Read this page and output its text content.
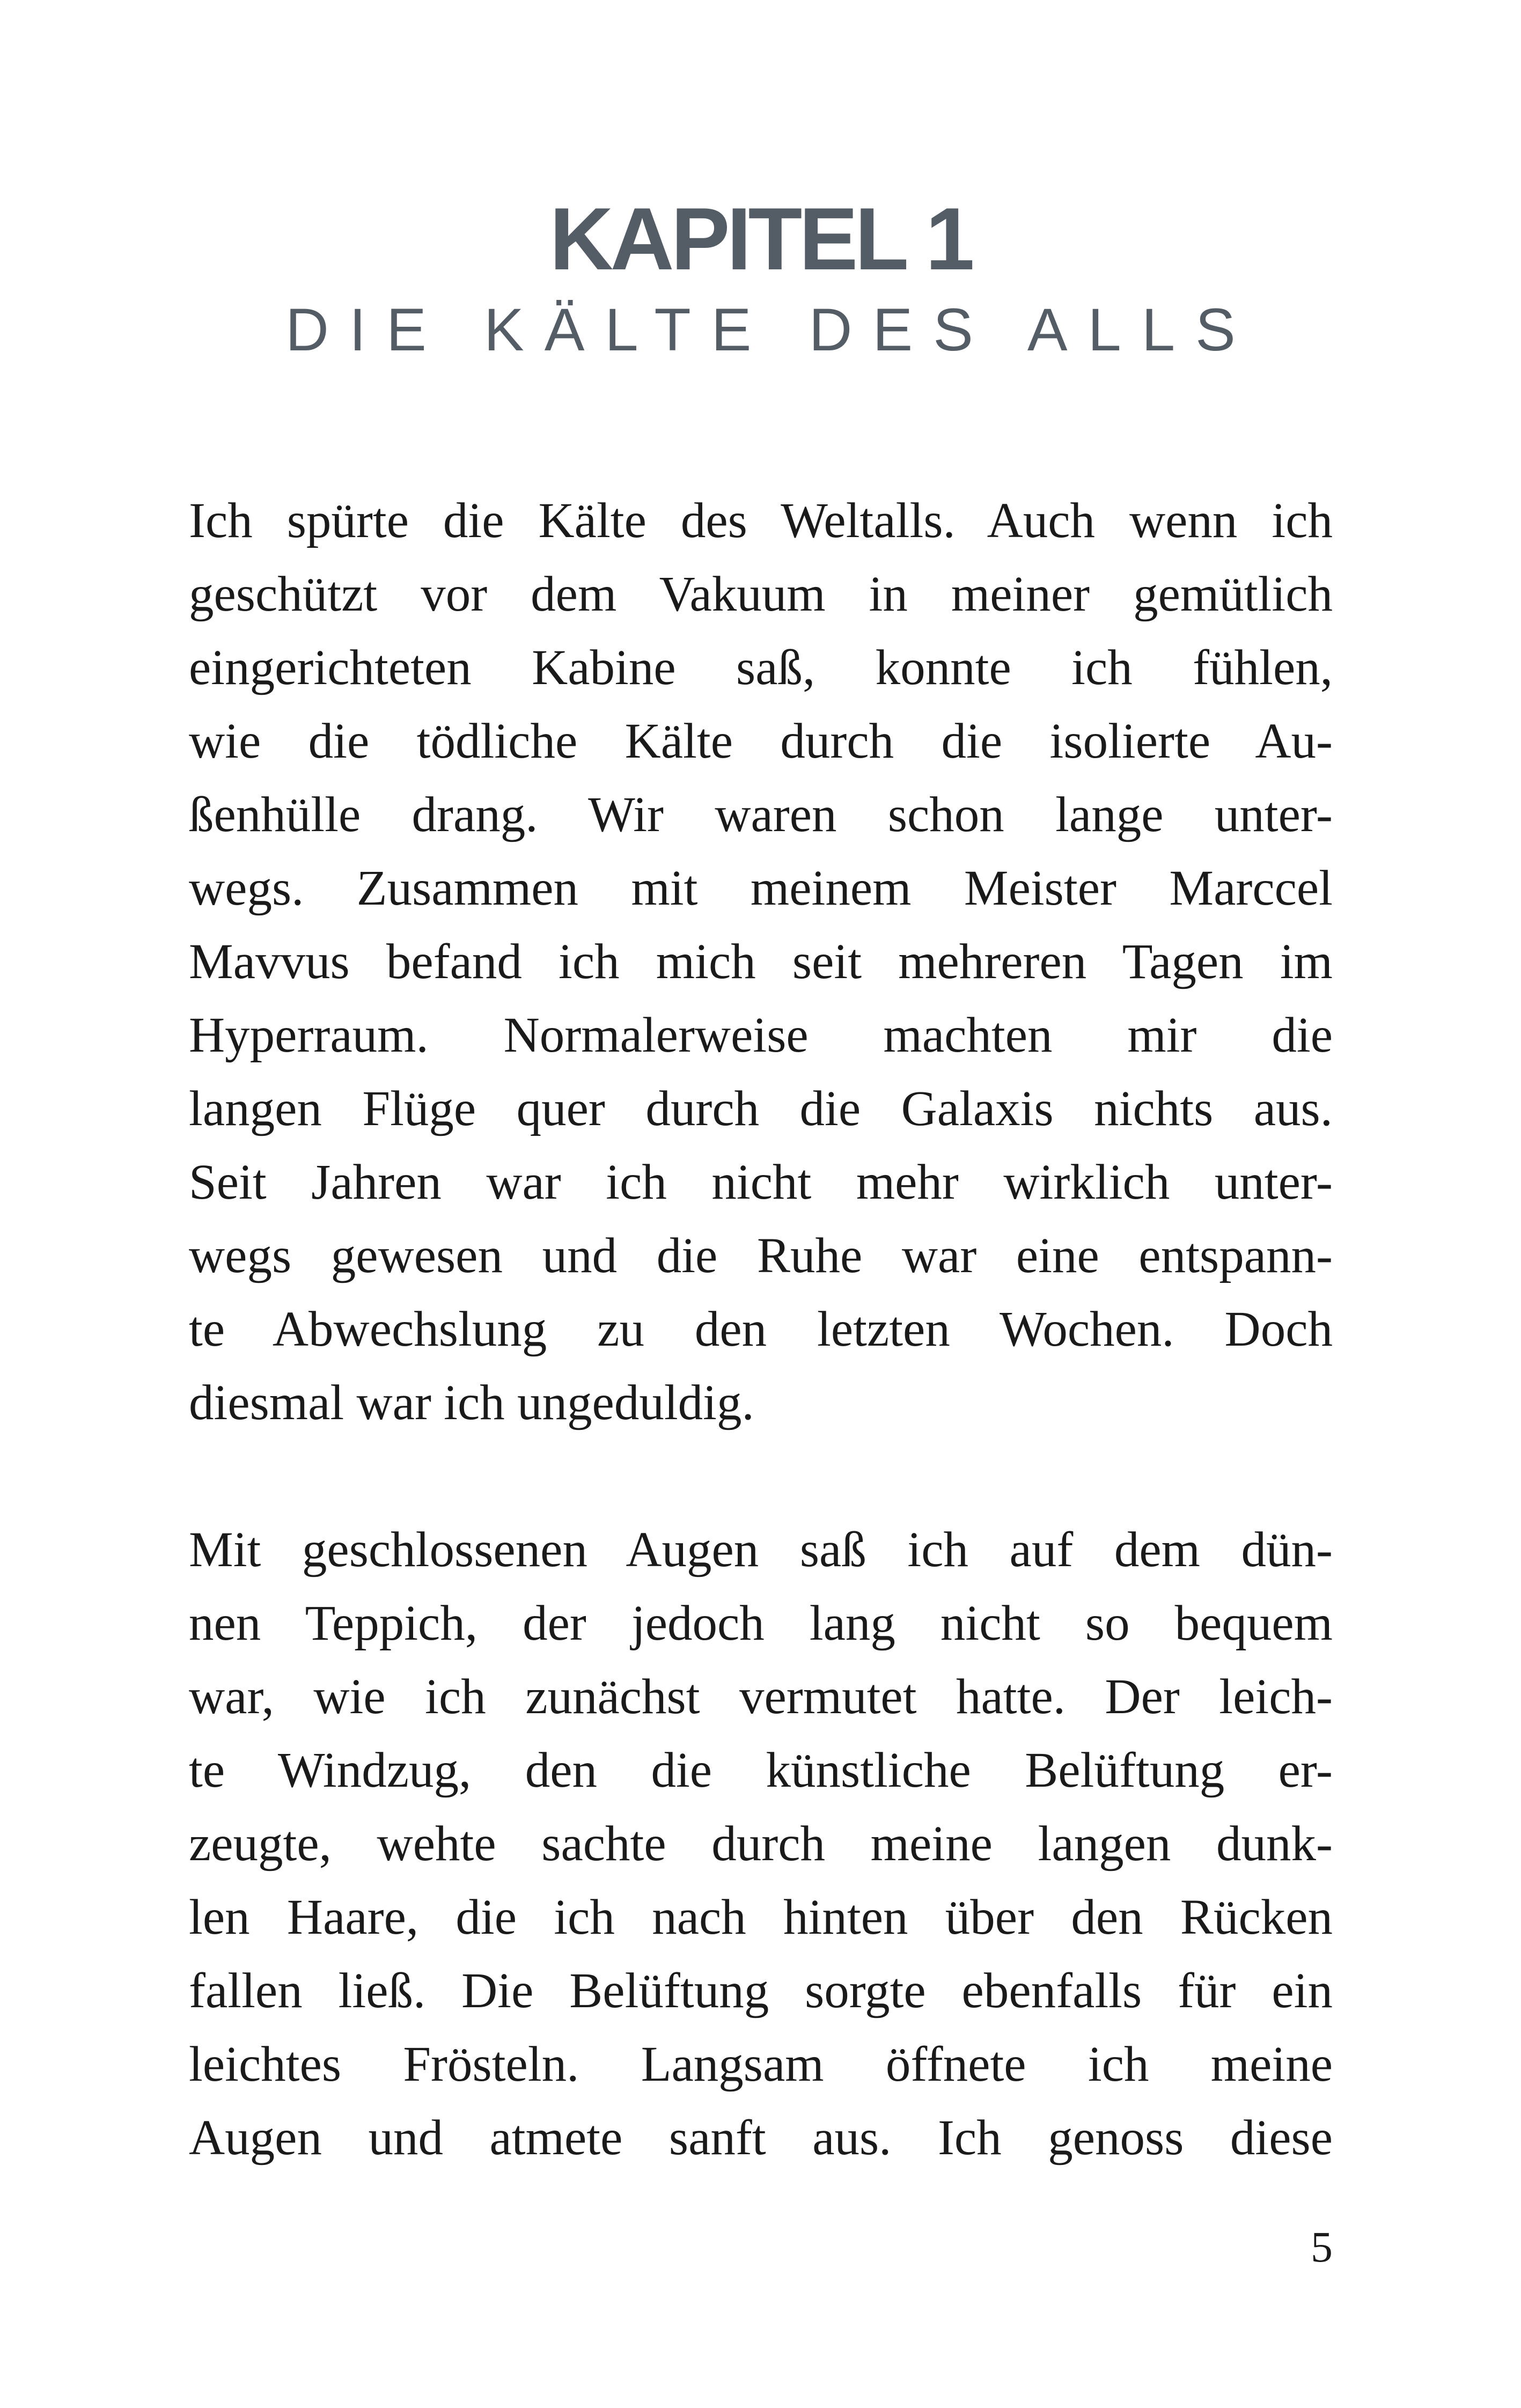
KAPITEL 1
DIE KÄLTE DES ALLS

Ich spürte die Kälte des Weltalls. Auch wenn ich
geschützt vor dem Vakuum in meiner gemütlich
eingerichteten Kabine saß, konnte ich fühlen,
wie die tödliche Kälte durch die isolierte Au-
ßenhülle drang. Wir waren schon lange unter-
wegs. Zusammen mit meinem Meister Marccel
Mavvus befand ich mich seit mehreren Tagen im
Hyperraum. Normalerweise machten mir die
langen Flüge quer durch die Galaxis nichts aus.
Seit Jahren war ich nicht mehr wirklich unter-
wegs gewesen und die Ruhe war eine entspann-
te Abwechslung zu den letzten Wochen. Doch
diesmal war ich ungeduldig.

Mit geschlossenen Augen saß ich auf dem dün-
nen Teppich, der jedoch lang nicht so bequem
war, wie ich zunächst vermutet hatte. Der leich-
te Windzug, den die künstliche Belüftung er-
zeugte, wehte sachte durch meine langen dunk-
len Haare, die ich nach hinten über den Rücken
fallen ließ. Die Belüftung sorgte ebenfalls für ein
leichtes Frösteln. Langsam öffnete ich meine
Augen und atmete sanft aus. Ich genoss diese

5
